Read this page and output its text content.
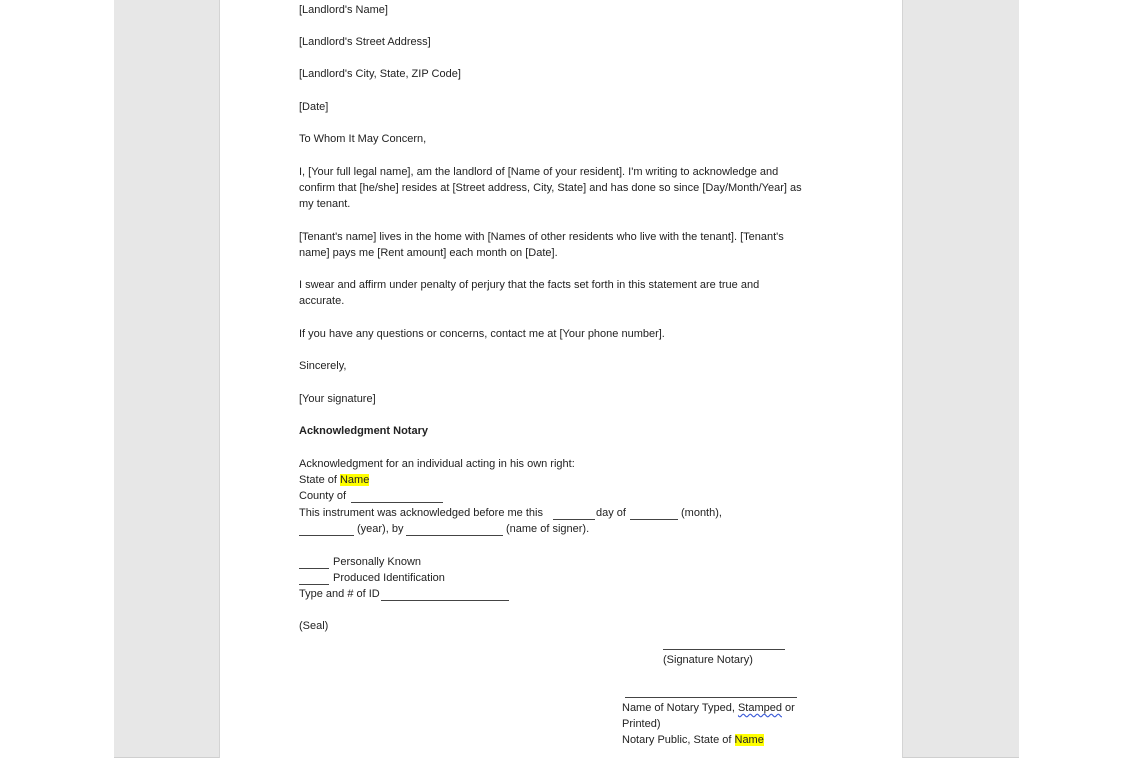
[Landlord's Name]
[Landlord's Street Address]
[Landlord's City, State, ZIP Code]
[Date]
To Whom It May Concern,
I, [Your full legal name], am the landlord of [Name of your resident]. I'm writing to acknowledge and
confirm that [he/she] resides at [Street address, City, State] and has done so since [Day/Month/Year] as
my tenant.
[Tenant's name] lives in the home with [Names of other residents who live with the tenant]. [Tenant's
name] pays me [Rent amount] each month on [Date].
I swear and affirm under penalty of perjury that the facts set forth in this statement are true and
accurate.
If you have any questions or concerns, contact me at [Your phone number].
Sincerely,
[Your signature]
Acknowledgment Notary
Acknowledgment for an individual acting in his own right:
State of Name
County of
This instrument was acknowledged before me this	day of	(month),
(year), by	(name of signer).
Personally Known
Produced Identification
Type and # of ID
(Seal)
(Signature Notary)
Name of Notary Typed, Stamped or
Printed)
Notary Public, State of Name
